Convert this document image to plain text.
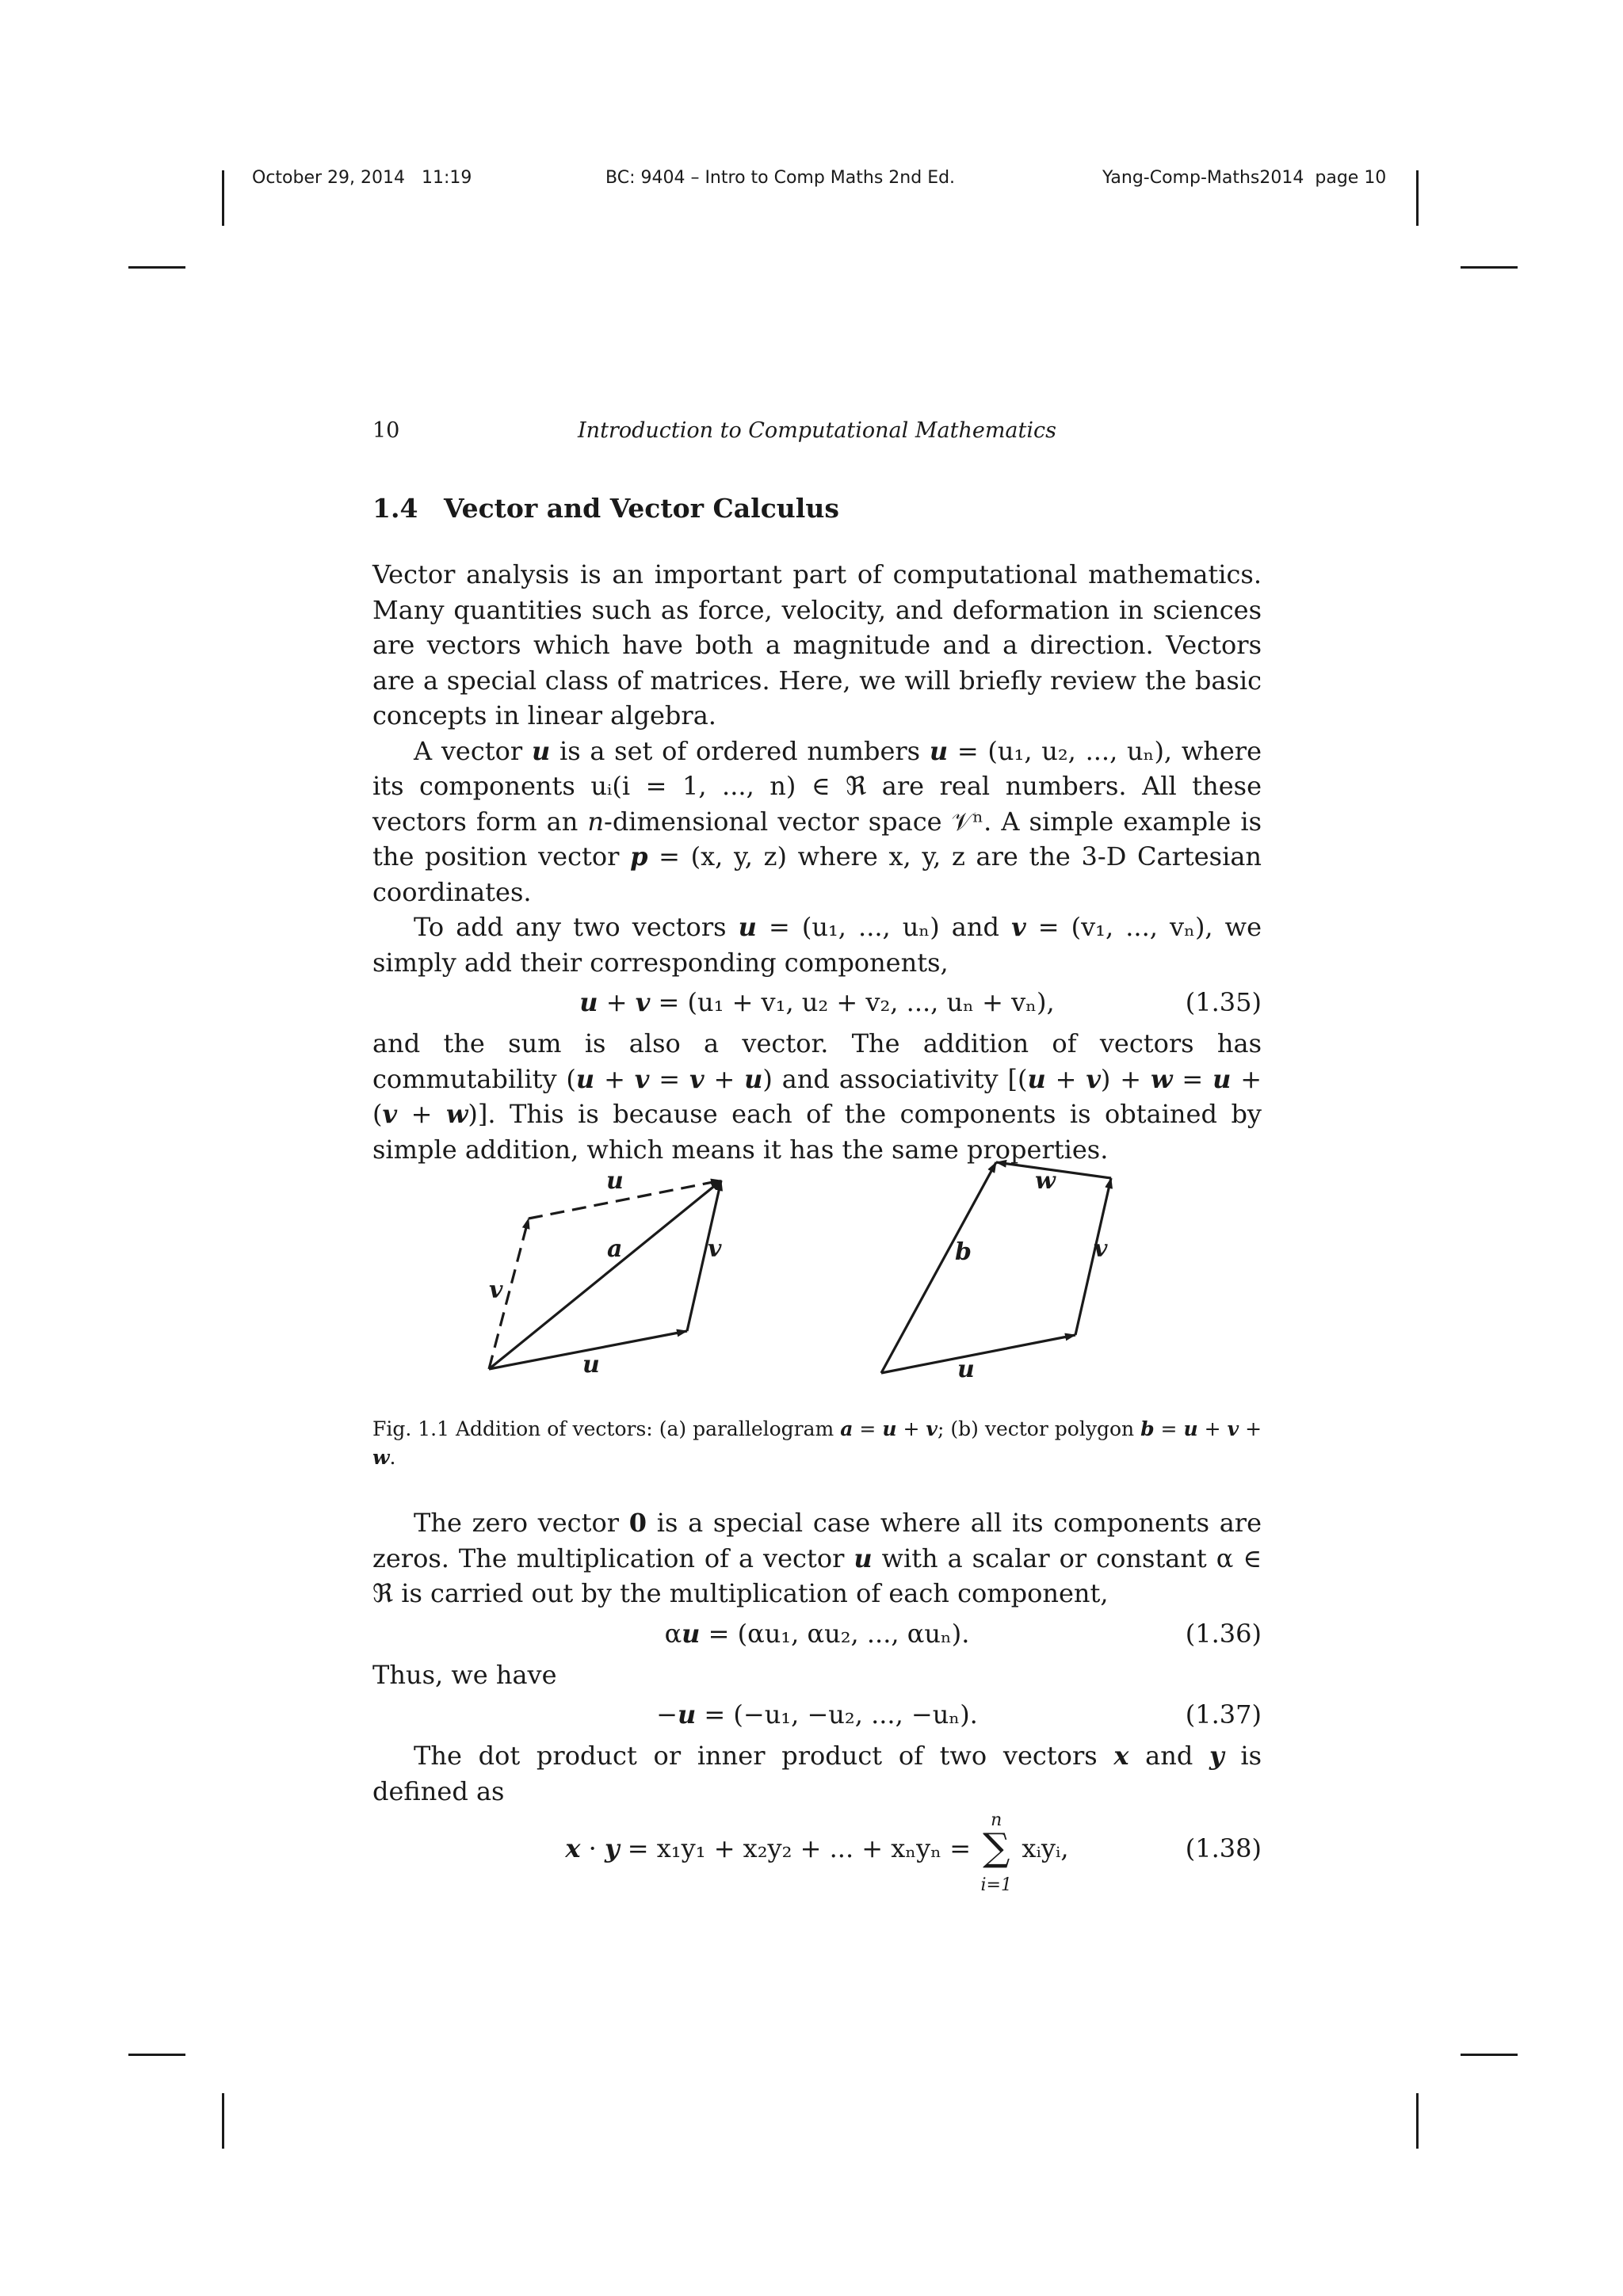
October 29, 2014 11:19	BC: 9404 – Intro to Comp Maths 2nd Ed.	Yang-Comp-Maths2014 page 10
10	Introduction to Computational Mathematics
1.4 Vector and Vector Calculus

Vector analysis is an important part of computational mathematics. Many quantities such as force, velocity, and deformation in sciences are vectors which have both a magnitude and a direction. Vectors are a special class of matrices. Here, we will briefly review the basic concepts in linear algebra.

A vector u is a set of ordered numbers u = (u₁, u₂, ..., uₙ), where its components uᵢ(i = 1, ..., n) ∈ ℜ are real numbers. All these vectors form an n-dimensional vector space 𝒱ⁿ. A simple example is the position vector p = (x, y, z) where x, y, z are the 3-D Cartesian coordinates.

To add any two vectors u = (u₁, ..., uₙ) and v = (v₁, ..., vₙ), we simply add their corresponding components,

u + v = (u₁ + v₁, u₂ + v₂, ..., uₙ + vₙ),	(1.35)

and the sum is also a vector. The addition of vectors has commutability (u + v = v + u) and associativity [(u + v) + w = u + (v + w)]. This is because each of the components is obtained by simple addition, which means it has the same properties.

u
a	v
v
u
w
b	v
u
Fig. 1.1 Addition of vectors: (a) parallelogram a = u + v; (b) vector polygon b = u + v + w.

The zero vector 0 is a special case where all its components are zeros. The multiplication of a vector u with a scalar or constant α ∈ ℜ is carried out by the multiplication of each component,

αu = (αu₁, αu₂, ..., αuₙ).	(1.36)

Thus, we have

−u = (−u₁, −u₂, ..., −uₙ).	(1.37)

The dot product or inner product of two vectors x and y is defined as

x · y = x₁y₁ + x₂y₂ + ... + xₙyₙ =
n
∑
i=1
xᵢyᵢ,	(1.38)
